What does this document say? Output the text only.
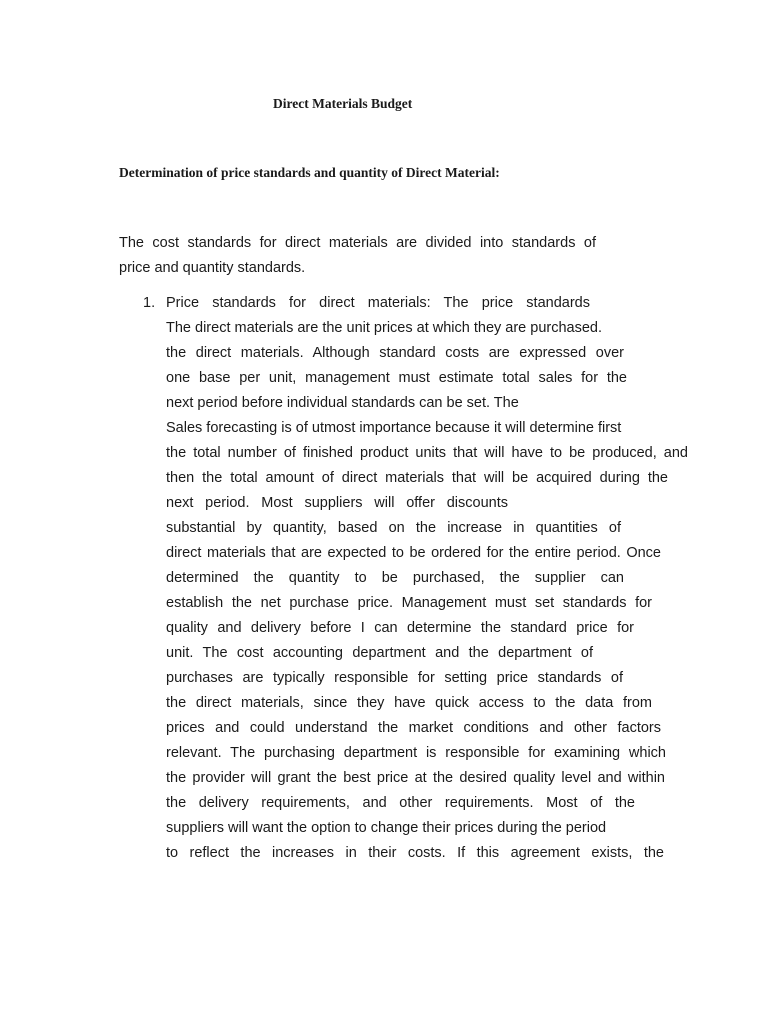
Direct Materials Budget
Determination of price standards and quantity of Direct Material:
The cost standards for direct materials are divided into standards of
price and quantity standards.
1. Price standards for direct materials: The price standards
The direct materials are the unit prices at which they are purchased.
the direct materials. Although standard costs are expressed over
one base per unit, management must estimate total sales for the
next period before individual standards can be set. The
Sales forecasting is of utmost importance because it will determine first
the total number of finished product units that will have to be produced, and
then the total amount of direct materials that will be acquired during the
next period. Most suppliers will offer discounts
substantial by quantity, based on the increase in quantities of
direct materials that are expected to be ordered for the entire period. Once
determined the quantity to be purchased, the supplier can
establish the net purchase price. Management must set standards for
quality and delivery before I can determine the standard price for
unit. The cost accounting department and the department of
purchases are typically responsible for setting price standards of
the direct materials, since they have quick access to the data from
prices and could understand the market conditions and other factors
relevant. The purchasing department is responsible for examining which
the provider will grant the best price at the desired quality level and within
the delivery requirements, and other requirements. Most of the
suppliers will want the option to change their prices during the period
to reflect the increases in their costs. If this agreement exists, the
